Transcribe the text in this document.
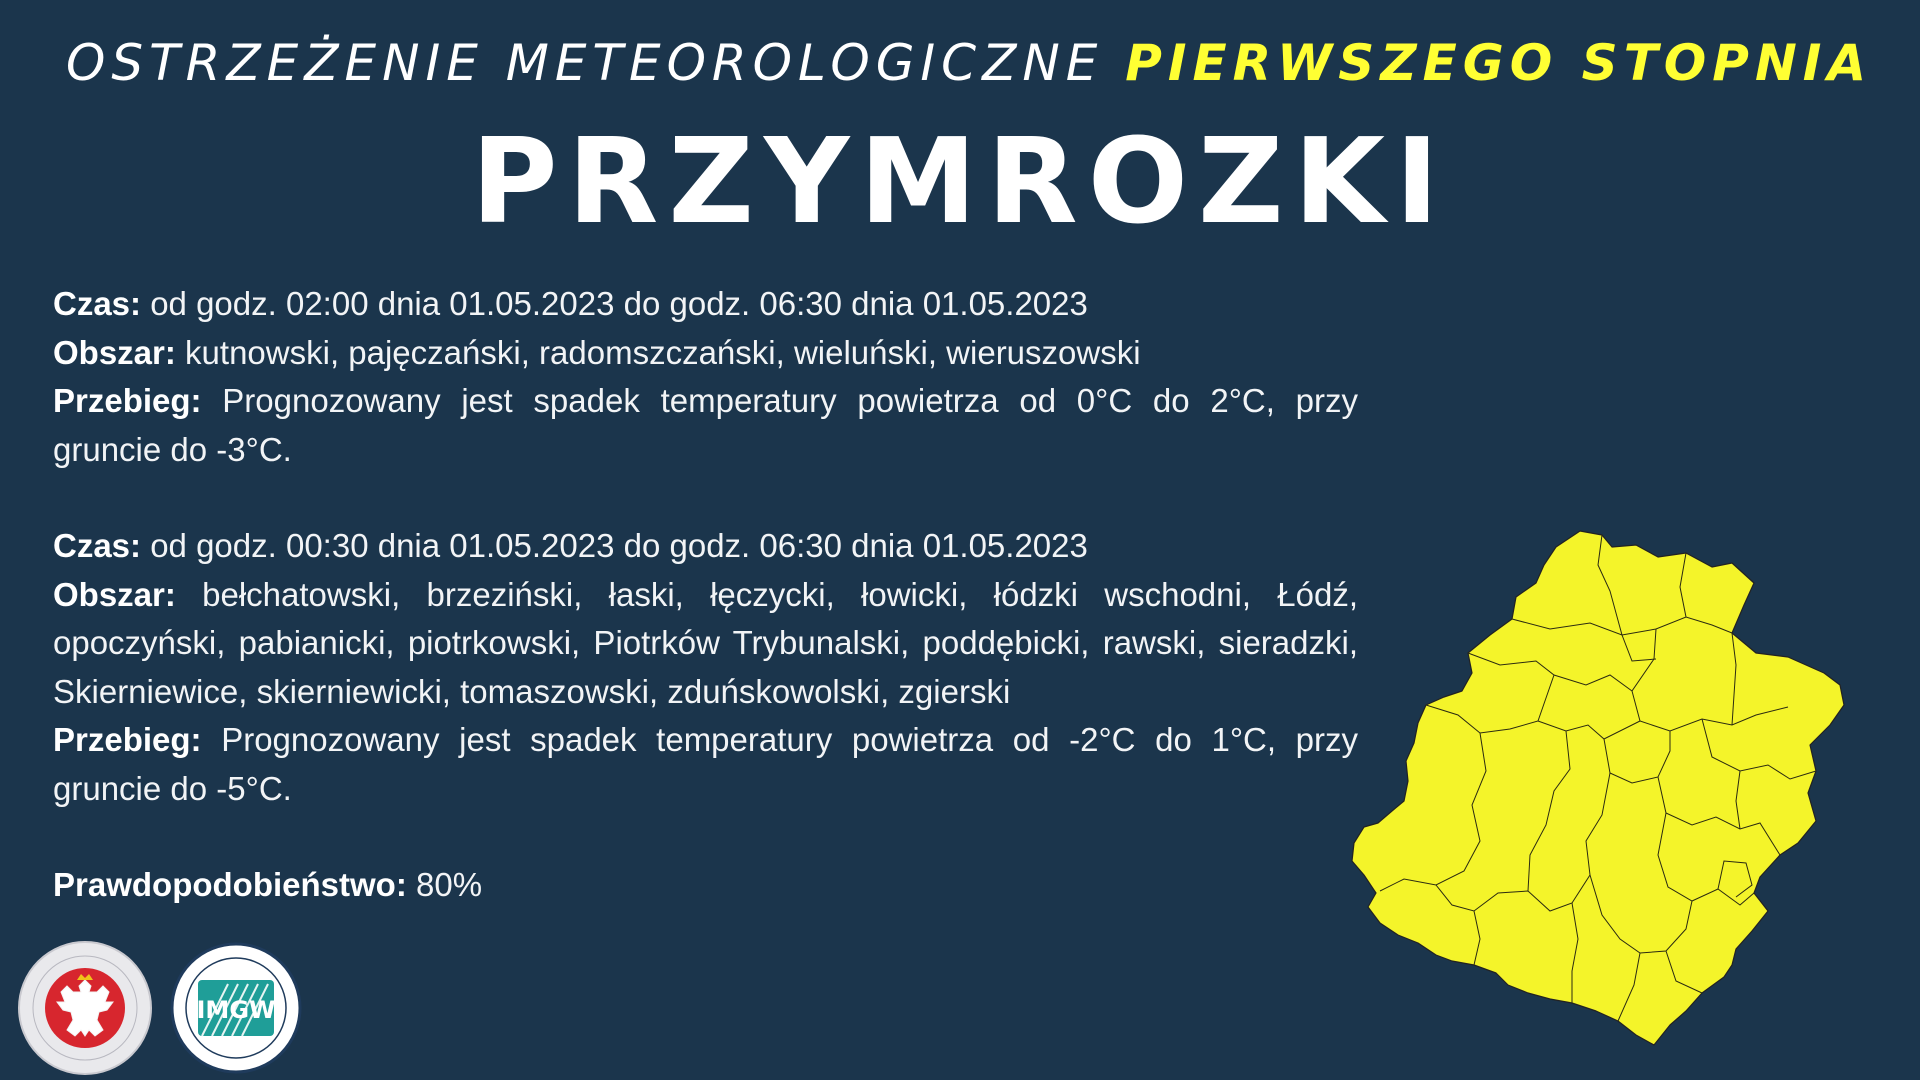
OSTRZEŻENIE METEOROLOGICZNE PIERWSZEGO STOPNIA
PRZYMROZKI

Czas: od godz. 02:00 dnia 01.05.2023 do godz. 06:30 dnia 01.05.2023

Obszar: kutnowski, pajęczański, radomszczański, wieluński, wieruszowski

Przebieg: Prognozowany jest spadek temperatury powietrza od 0°C do 2°C, przy gruncie do -3°C.

Czas: od godz. 00:30 dnia 01.05.2023 do godz. 06:30 dnia 01.05.2023

Obszar: bełchatowski, brzeziński, łaski, łęczycki, łowicki, łódzki wschodni, Łódź, opoczyński, pabianicki, piotrkowski, Piotrków Trybunalski, poddębicki, rawski, sieradzki, Skierniewice, skierniewicki, tomaszowski, zduńskowolski, zgierski

Przebieg: Prognozowany jest spadek temperatury powietrza od -2°C do 1°C, przy gruncie do -5°C.

Prawdopodobieństwo: 80%

IMGW
